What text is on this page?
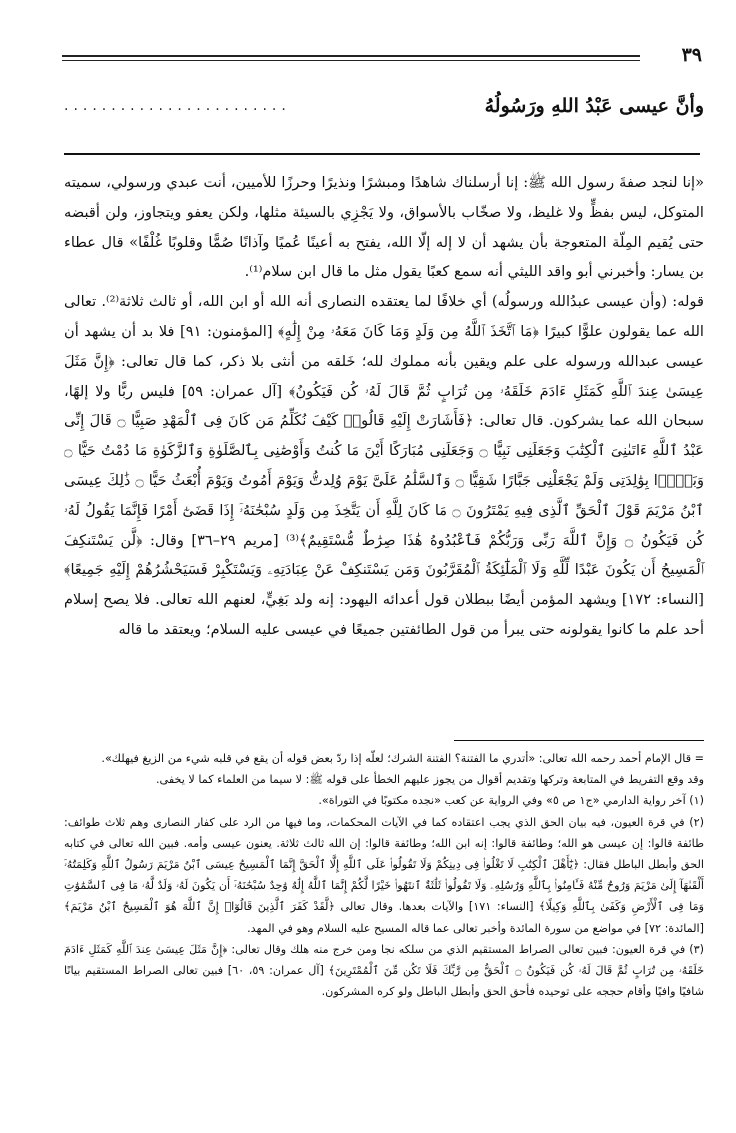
٣٩
وأنَّ عيسى عَبْدُ اللهِ ورَسُولُهُ
........................

«إنا لنجد صفةَ رسول الله ﷺ: إنا أرسلناك شاهدًا ومبشرًا ونذيرًا وحرزًا للأميين، أنت عبدي ورسولي، سميته المتوكل، ليس بفظٍّ ولا غليظ، ولا صخّاب بالأسواق، ولا يَجْزِي بالسيئة مثلها، ولكن يعفو ويتجاوز، ولن أقبضه حتى يُقيم المِلّة المتعوجة بأن يشهد أن لا إله إلّا الله، يفتح به أعينًا عُميًا وآذانًا صُمًّا وقلوبًا غُلْفًا» قال عطاء بن يسار: وأخبرني أبو واقد الليثي أنه سمع كعبًا يقول مثل ما قال ابن سلام⁽¹⁾.

قوله: (وأن عيسى عبدُالله ورسولُه) أي خلافًا لما يعتقده النصارى أنه الله أو ابن الله، أو ثالث ثلاثة⁽²⁾. تعالى الله عما يقولون علوًّا كبيرًا ﴿مَا ٱتَّخَذَ ٱللَّهُ مِن وَلَدٍ وَمَا كَانَ مَعَهُۥ مِنْ إِلَٰهٍ﴾ [المؤمنون: ٩١] فلا بد أن يشهد أن عيسى عبدالله ورسوله على علم ويقين بأنه مملوك لله؛ خَلقه من أنثى بلا ذكر، كما قال تعالى: ﴿إِنَّ مَثَلَ عِيسَىٰ عِندَ ٱللَّهِ كَمَثَلِ ءَادَمَ خَلَقَهُۥ مِن تُرَابٍ ثُمَّ قَالَ لَهُۥ كُن فَيَكُونُ﴾ [آل عمران: ٥٩] فليس ربًّا ولا إلهًا، سبحان الله عما يشركون. قال تعالى: ﴿فَأَشَارَتْ إِلَيْهِ قَالُوا۟ كَيْفَ نُكَلِّمُ مَن كَانَ فِى ٱلْمَهْدِ صَبِيًّا ۝ قَالَ إِنِّى عَبْدُ ٱللَّهِ ءَاتَىٰنِىَ ٱلْكِتَٰبَ وَجَعَلَنِى نَبِيًّا ۝ وَجَعَلَنِى مُبَارَكًا أَيْنَ مَا كُنتُ وَأَوْصَٰنِى بِٱلصَّلَوٰةِ وَٱلزَّكَوٰةِ مَا دُمْتُ حَيًّا ۝ وَبَرًّۢا بِوَٰلِدَتِى وَلَمْ يَجْعَلْنِى جَبَّارًا شَقِيًّا ۝ وَٱلسَّلَٰمُ عَلَىَّ يَوْمَ وُلِدتُّ وَيَوْمَ أَمُوتُ وَيَوْمَ أُبْعَثُ حَيًّا ۝ ذَٰلِكَ عِيسَى ٱبْنُ مَرْيَمَ قَوْلَ ٱلْحَقِّ ٱلَّذِى فِيهِ يَمْتَرُونَ ۝ مَا كَانَ لِلَّهِ أَن يَتَّخِذَ مِن وَلَدٍ سُبْحَٰنَهُۥٓ إِذَا قَضَىٰٓ أَمْرًا فَإِنَّمَا يَقُولُ لَهُۥ كُن فَيَكُونُ ۝ وَإِنَّ ٱللَّهَ رَبِّى وَرَبُّكُمْ فَٱعْبُدُوهُ هَٰذَا صِرَٰطٌ مُّسْتَقِيمٌ﴾⁽³⁾ [مريم ٢٩–٣٦] وقال: ﴿لَّن يَسْتَنكِفَ ٱلْمَسِيحُ أَن يَكُونَ عَبْدًا لِّلَّهِ وَلَا ٱلْمَلَٰٓئِكَةُ ٱلْمُقَرَّبُونَ وَمَن يَسْتَنكِفْ عَنْ عِبَادَتِهِۦ وَيَسْتَكْبِرْ فَسَيَحْشُرُهُمْ إِلَيْهِ جَمِيعًا﴾ [النساء: ١٧٢] ويشهد المؤمن أيضًا ببطلان قول أعدائه اليهود: إنه ولد بَغِيٍّ، لعنهم الله تعالى. فلا يصح إسلام أحد علم ما كانوا يقولونه حتى يبرأ من قول الطائفتين جميعًا في عيسى عليه السلام؛ ويعتقد ما قاله

= قال الإمام أحمد رحمه الله تعالى: «أتدري ما الفتنة؟ الفتنة الشرك؛ لعلّه إذا ردّ بعض قوله أن يقع في قلبه شيء من الزيغ فيهلك».

وقد وقع التفريط في المتابعة وتركها وتقديم أقوال من يجوز عليهم الخطأ على قوله ﷺ: لا سيما من العلماء كما لا يخفى.

(١) آخر رواية الدارمي «ج١ ص ٥» وفي الرواية عن كعب «نجده مكتوبًا في التوراة».

(٢) في قرة العيون، فيه بيان الحق الذي يجب اعتقاده كما في الآيات المحكمات، وما فيها من الرد على كفار النصارى وهم ثلاث طوائف: طائفة قالوا: إن عيسى هو الله؛ وطائفة قالوا: إنه ابن الله؛ وطائفة قالوا: إن الله ثالث ثلاثة. يعنون عيسى وأمه. فبين الله تعالى في كتابه الحق وأبطل الباطل فقال: ﴿يَٰٓأَهْلَ ٱلْكِتَٰبِ لَا تَغْلُوا۟ فِى دِينِكُمْ وَلَا تَقُولُوا۟ عَلَى ٱللَّهِ إِلَّا ٱلْحَقَّ إِنَّمَا ٱلْمَسِيحُ عِيسَى ٱبْنُ مَرْيَمَ رَسُولُ ٱللَّهِ وَكَلِمَتُهُۥٓ أَلْقَىٰهَآ إِلَىٰ مَرْيَمَ وَرُوحٌ مِّنْهُ فَـَٔامِنُوا۟ بِٱللَّهِ وَرُسُلِهِۦ وَلَا تَقُولُوا۟ ثَلَٰثَةٌ ٱنتَهُوا۟ خَيْرًا لَّكُمْ إِنَّمَا ٱللَّهُ إِلَٰهٌ وَٰحِدٌ سُبْحَٰنَهُۥٓ أَن يَكُونَ لَهُۥ وَلَدٌ لَّهُۥ مَا فِى ٱلسَّمَٰوَٰتِ وَمَا فِى ٱلْأَرْضِ وَكَفَىٰ بِٱللَّهِ وَكِيلًا﴾ [النساء: ١٧١] والآيات بعدها. وقال تعالى ﴿لَّقَدْ كَفَرَ ٱلَّذِينَ قَالُوٓا۟ إِنَّ ٱللَّهَ هُوَ ٱلْمَسِيحُ ٱبْنُ مَرْيَمَ﴾ [المائدة: ٧٢] في مواضع من سورة المائدة وأخبر تعالى عما قاله المسيح عليه السلام وهو في المهد.

(٣) في قرة العيون: فبين تعالى الصراط المستقيم الذي من سلكه نجا ومن خرج منه هلك وقال تعالى: ﴿إِنَّ مَثَلَ عِيسَىٰ عِندَ ٱللَّهِ كَمَثَلِ ءَادَمَ خَلَقَهُۥ مِن تُرَابٍ ثُمَّ قَالَ لَهُۥ كُن فَيَكُونُ ۝ ٱلْحَقُّ مِن رَّبِّكَ فَلَا تَكُن مِّنَ ٱلْمُمْتَرِينَ﴾ [آل عمران: ٥٩، ٦٠] فبين تعالى الصراط المستقيم بيانًا شافيًا وافيًا وأقام حججه على توحيده فأحق الحق وأبطل الباطل ولو كره المشركون.
